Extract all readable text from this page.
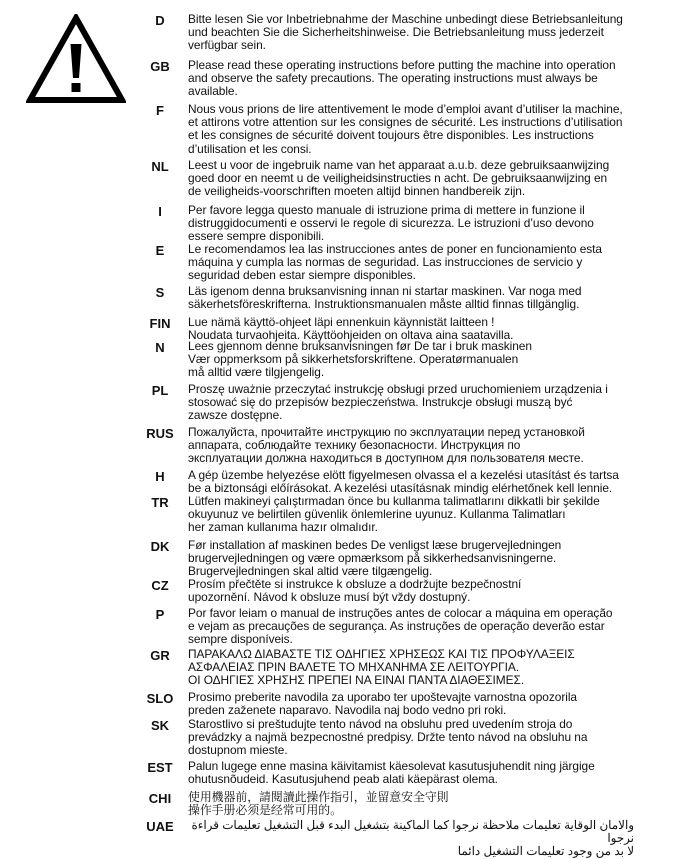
D	Bitte lesen Sie vor Inbetriebnahme der Maschine unbedingt diese Betriebsanleitung
und beachten Sie die Sicherheitshinweise. Die Betriebsanleitung muss jederzeit
verfügbar sein.
GB	Please read these operating instructions before putting the machine into operation
and observe the safety precautions. The operating instructions must always be
available.
F	Nous vous prions de lire attentivement le mode d’emploi avant d’utiliser la machine,
et attirons votre attention sur les consignes de sécurité. Les instructions d’utilisation
et les consignes de sécurité doivent toujours être disponibles. Les instructions
d’utilisation et les consi.
NL	Leest u voor de ingebruik name van het apparaat a.u.b. deze gebruiksaanwijzing
goed door en neemt u de veiligheidsinstructies n acht. De gebruiksaanwijzing en
de veiligheids-voorschriften moeten altijd binnen handbereik zijn.
I	Per favore legga questo manuale di istruzione prima di mettere in funzione il
distruggidocumenti e osservi le regole di sicurezza. Le istruzioni d’uso devono
essere sempre disponibili.
E	Le recomendamos lea las instrucciones antes de poner en funcionamiento esta
máquina y cumpla las normas de seguridad. Las instrucciones de servicio y
seguridad deben estar siempre disponibles.
S	Läs igenom denna bruksanvisning innan ni startar maskinen. Var noga med
säkerhetsföreskrifterna. Instruktionsmanualen måste alltid finnas tillgänglig.
FIN	Lue nämä käyttö-ohjeet läpi ennenkuin käynnistät laitteen !
Noudata turvaohjeita. Käyttöohjeiden on oltava aina saatavilla.
N	Lees gjennom denne bruksanvisningen før De tar i bruk maskinen
Vær oppmerksom på sikkerhetsforskriftene. Operatørmanualen
må alltid være tilgjengelig.
PL	Proszę uważnie przeczytać instrukcję obsługi przed uruchomieniem urządzenia i
stosować się do przepisów bezpieczeństwa. Instrukcje obsługi muszą być
zawsze dostępne.
RUS	Пожалуйста, прочитайте инструкцию по эксплуатации перед установкой
аппарата, соблюдайте технику безопасности. Инструкция по
эксплуатации должна находиться в доступном для пользователя месте.
H	A gép üzembe helyezése elött figyelmesen olvassa el a kezelési utasítást és tartsa
be a biztonsági előírásokat. A kezelési utasításnak mindig elérhetőnek kell lennie.
TR	Lütfen makineyi çalıştırmadan önce bu kullanma talimatlarını dikkatli bir şekilde
okuyunuz ve belirtilen güvenlik önlemlerine uyunuz. Kullanma Talimatları
her zaman kullanıma hazır olmalıdır.
DK	Før installation af maskinen bedes De venligst læse brugervejledningen
brugervejledningen og være opmærksom på sikkerhedsanvisningerne.
Brugervejledningen skal altid være tilgængelig.
CZ	Prosím přečtěte si instrukce k obsluze a dodržujte bezpečnostní
upozornění. Návod k obsluze musí být vždy dostupný.
P	Por favor leiam o manual de instruções antes de colocar a máquina em operação
e vejam as precauções de segurança. As instruções de operação deverão estar
sempre disponíveis.
GR	ΠΑΡΑΚΑΛΩ ΔΙΑΒΑΣΤΕ ΤΙΣ ΟΔΗΓΙΕΣ ΧΡΗΣΕΩΣ ΚΑΙ ΤΙΣ ΠΡΟΦΥΛΑΞΕΙΣ
ΑΣΦΑΛΕΙΑΣ ΠΡΙΝ ΒΑΛΕΤΕ ΤΟ ΜΗΧΑΝΗΜΑ ΣΕ ΛΕΙΤΟΥΡΓΙΑ.
ΟΙ ΟΔΗΓΙΕΣ ΧΡΗΣΗΣ ΠΡΕΠΕΙ ΝΑ ΕΙΝΑΙ ΠΑΝΤΑ ΔΙΑΘΕΣΙΜΕΣ.
SLO	Prosimo preberite navodila za uporabo ter upoštevajte varnostna opozorila
preden zaženete naparavo. Navodila naj bodo vedno pri roki.
SK	Starostlivo si preštudujte tento návod na obsluhu pred uvedením stroja do
prevádzky a najmä bezpecnostné predpisy. Držte tento návod na obsluhu na
dostupnom mieste.
EST	Palun lugege enne masina käivitamist käesolevat kasutusjuhendit ning järgige
ohutusnõudeid. Kasutusjuhend peab alati käepärast olema.
CHI	使用機器前，請閱讀此操作指引，並留意安全守則
操作手册必须是经常可用的。
UAE	والامان الوقاية تعليمات ملاحظة نرجوا كما الماكينة بتشغيل البدء قبل التشغيل تعليمات قراءة نرجوا
لا بد من وجود تعليمات التشغيل دائما
